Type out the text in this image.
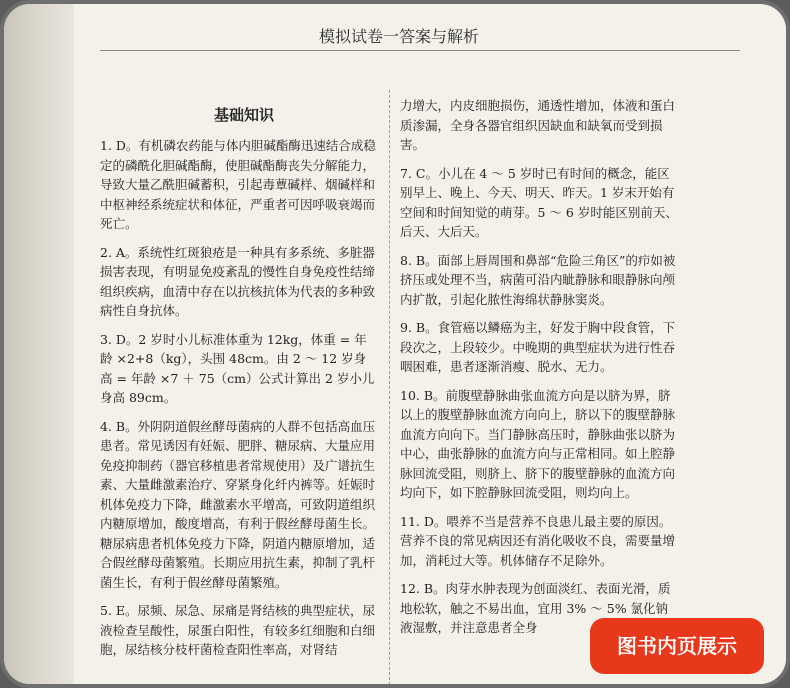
模拟试卷一答案与解析
基础知识

1. D。有机磷农药能与体内胆碱酯酶迅速结合成稳定的磷酰化胆碱酯酶，使胆碱酯酶丧失分解能力，导致大量乙酰胆碱蓄积，引起毒蕈碱样、烟碱样和中枢神经系统症状和体征，严重者可因呼吸衰竭而死亡。

2. A。系统性红斑狼疮是一种具有多系统、多脏器损害表现，有明显免疫紊乱的慢性自身免疫性结缔组织疾病，血清中存在以抗核抗体为代表的多种致病性自身抗体。

3. D。2 岁时小儿标准体重为 12kg，体重 = 年龄 ×2+8（kg），头围 48cm。由 2 ～ 12 岁身高 = 年龄 ×7 ＋ 75（cm）公式计算出 2 岁小儿身高 89cm。

4. B。外阴阴道假丝酵母菌病的人群不包括高血压患者。常见诱因有妊娠、肥胖、糖尿病、大量应用免疫抑制药（器官移植患者常规使用）及广谱抗生素、大量雌激素治疗、穿紧身化纤内裤等。妊娠时机体免疫力下降，雌激素水平增高，可致阴道组织内糖原增加，酸度增高，有利于假丝酵母菌生长。糖尿病患者机体免疫力下降，阴道内糖原增加，适合假丝酵母菌繁殖。长期应用抗生素，抑制了乳杆菌生长，有利于假丝酵母菌繁殖。

5. E。尿频、尿急、尿痛是肾结核的典型症状，尿液检查呈酸性，尿蛋白阳性，有较多红细胞和白细胞，尿结核分枝杆菌检查阳性率高，对肾结

力增大，内皮细胞损伤，通透性增加，体液和蛋白质渗漏，全身各器官组织因缺血和缺氧而受到损害。

7. C。小儿在 4 ～ 5 岁时已有时间的概念，能区别早上、晚上、今天、明天、昨天。1 岁末开始有空间和时间知觉的萌芽。5 ～ 6 岁时能区别前天、后天、大后天。

8. B。面部上唇周围和鼻部“危险三角区”的疖如被挤压或处理不当，病菌可沿内眦静脉和眼静脉向颅内扩散，引起化脓性海绵状静脉窦炎。

9. B。食管癌以鳞癌为主，好发于胸中段食管，下段次之，上段较少。中晚期的典型症状为进行性吞咽困难，患者逐渐消瘦、脱水、无力。

10. B。前腹壁静脉曲张血流方向是以脐为界，脐以上的腹壁静脉血流方向向上，脐以下的腹壁静脉血流方向向下。当门静脉高压时，静脉曲张以脐为中心，曲张静脉的血流方向与正常相同。如上腔静脉回流受阻，则脐上、脐下的腹壁静脉的血流方向均向下，如下腔静脉回流受阻，则均向上。

11. D。喂养不当是营养不良患儿最主要的原因。营养不良的常见病因还有消化吸收不良，需要量增加，消耗过大等。机体储存不足除外。

12. B。肉芽水肿表现为创面淡红、表面光滑，质地松软，触之不易出血，宜用 3% ～ 5% 氯化钠液湿敷，并注意患者全身

图书内页展示
